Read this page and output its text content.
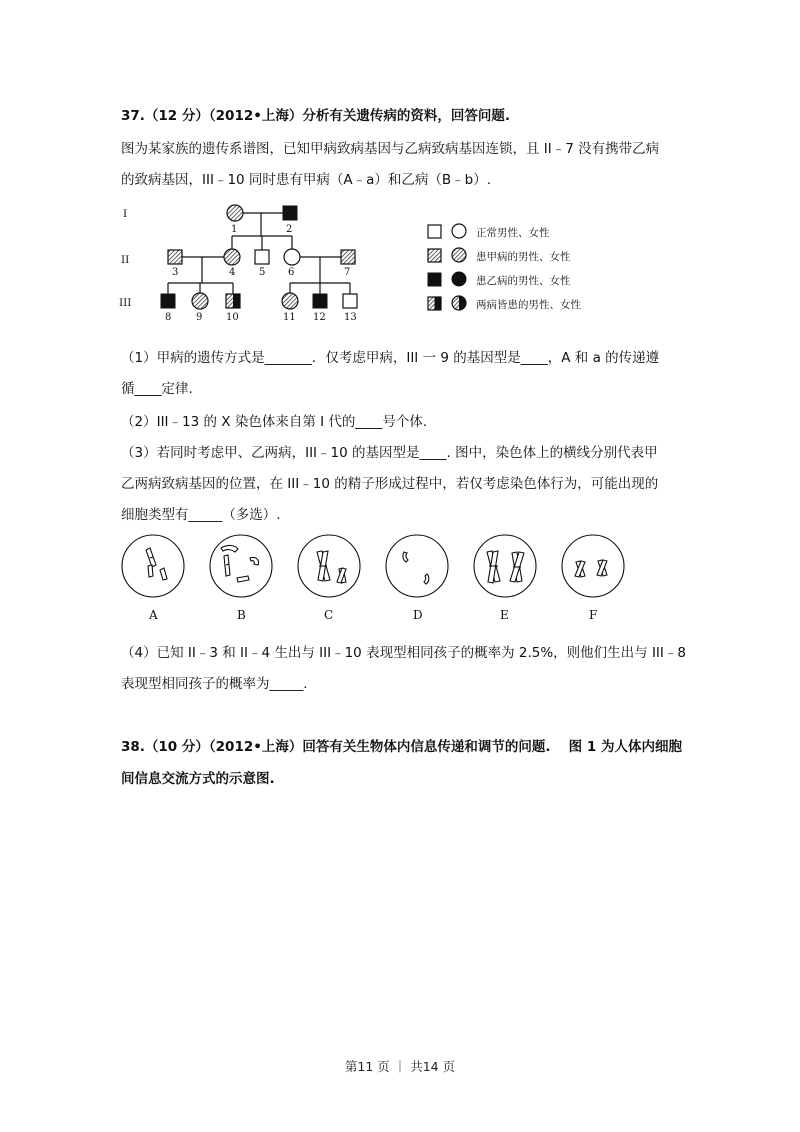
37.（12 分）（2012•上海）分析有关遗传病的资料，回答问题.
图为某家族的遗传系谱图，已知甲病致病基因与乙病致病基因连锁，且 II﹣7 没有携带乙病
的致病基因，III﹣10 同时患有甲病（A﹣a）和乙病（B﹣b）.
I
II
III
1	2
3	4 5 6	7
8 9 10	11 12 13
正常男性、女性
患甲病的男性、女性
患乙病的男性、女性
两病皆患的男性、女性
（1）甲病的遗传方式是_______．仅考虑甲病，III 一 9 的基因型是____，A 和 a 的传递遵
循____定律.
（2）III﹣13 的 X 染色体来自第 I 代的____号个体.
（3）若同时考虑甲、乙两病，III﹣10 的基因型是____. 图中，染色体上的横线分别代表甲
乙两病致病基因的位置，在 III﹣10 的精子形成过程中，若仅考虑染色体行为，可能出现的
细胞类型有_____（多选）.
A	B	C	D	E	F
（4）已知 II﹣3 和 II﹣4 生出与 III﹣10 表现型相同孩子的概率为 2.5%，则他们生出与 III﹣8
表现型相同孩子的概率为_____.
38.（10 分）（2012•上海）回答有关生物体内信息传递和调节的问题.　 图 1 为人体内细胞
间信息交流方式的示意图.
第11 页 ｜ 共14 页
